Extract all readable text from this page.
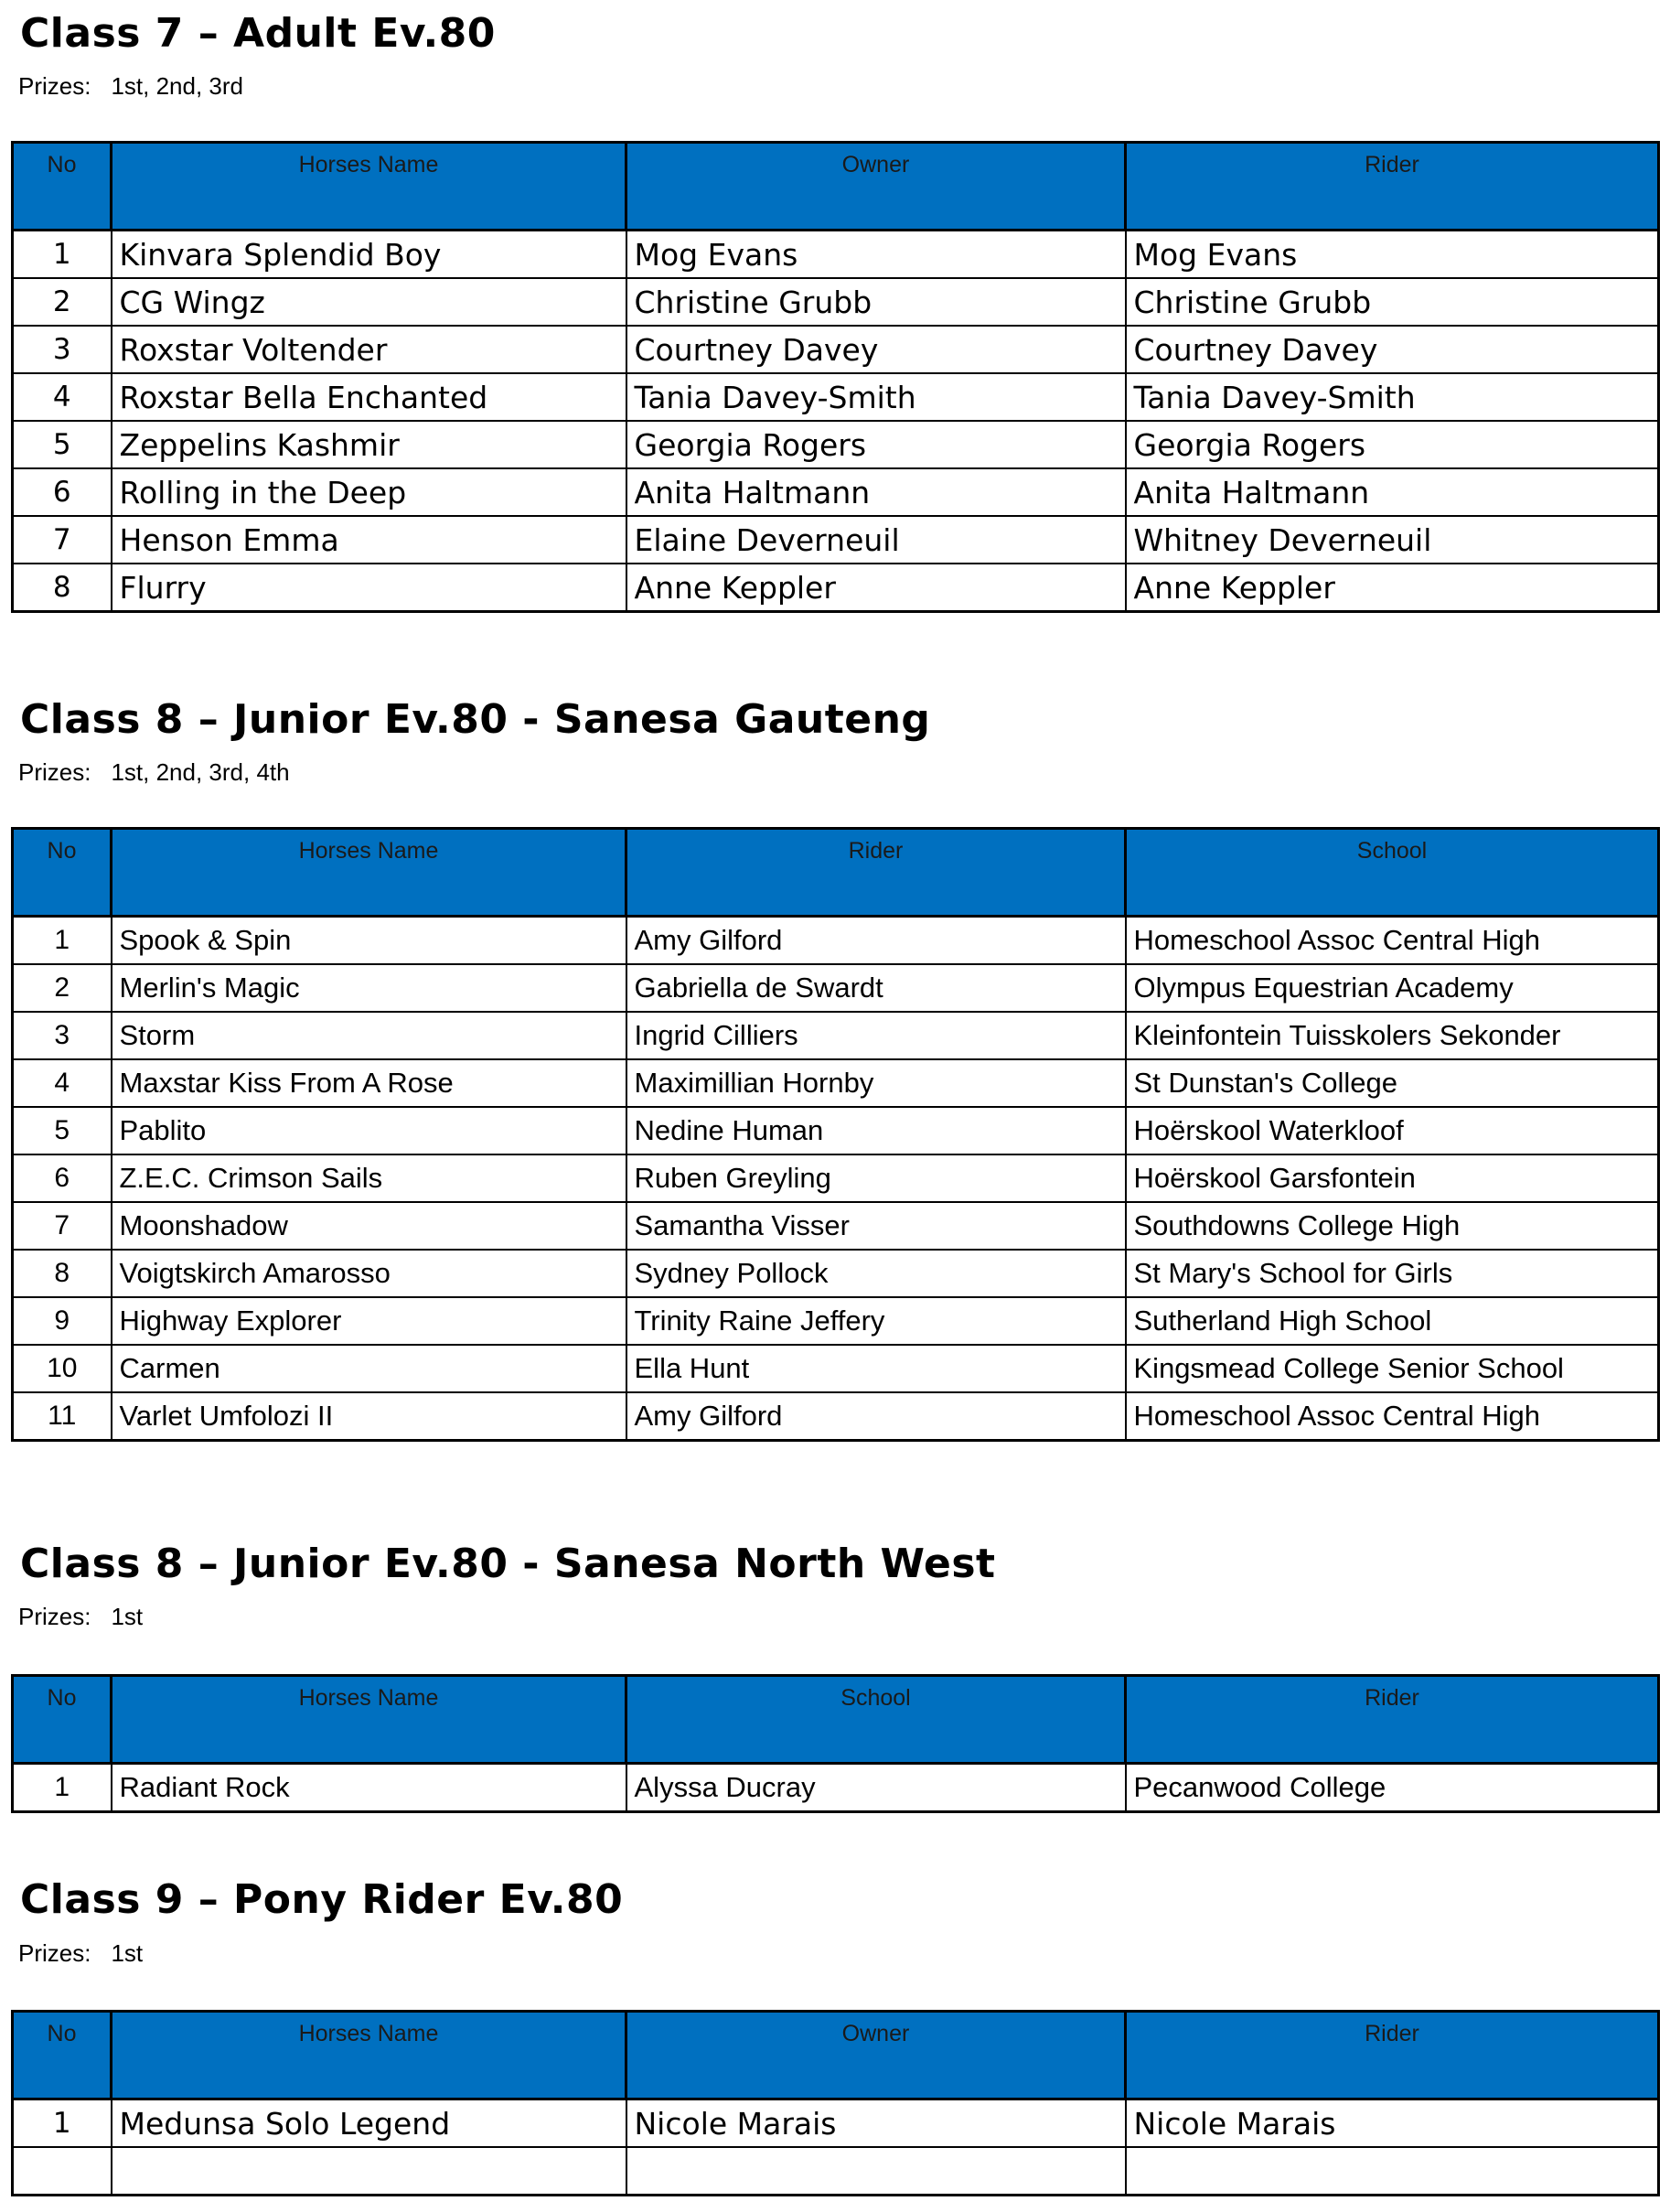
Class 7 – Adult Ev.80
Prizes: 1st, 2nd, 3rd
No	Horses Name	Owner	Rider
1	Kinvara Splendid Boy	Mog Evans	Mog Evans
2	CG Wingz	Christine Grubb	Christine Grubb
3	Roxstar Voltender	Courtney Davey	Courtney Davey
4	Roxstar Bella Enchanted	Tania Davey-Smith	Tania Davey-Smith
5	Zeppelins Kashmir	Georgia Rogers	Georgia Rogers
6	Rolling in the Deep	Anita Haltmann	Anita Haltmann
7	Henson Emma	Elaine Deverneuil	Whitney Deverneuil
8	Flurry	Anne Keppler	Anne Keppler
Class 8 – Junior Ev.80 - Sanesa Gauteng
Prizes: 1st, 2nd, 3rd, 4th
No	Horses Name	Rider	School
1	Spook & Spin	Amy Gilford	Homeschool Assoc Central High
2	Merlin's Magic	Gabriella de Swardt	Olympus Equestrian Academy
3	Storm	Ingrid Cilliers	Kleinfontein Tuisskolers Sekonder
4	Maxstar Kiss From A Rose	Maximillian Hornby	St Dunstan's College
5	Pablito	Nedine Human	Hoërskool Waterkloof
6	Z.E.C. Crimson Sails	Ruben Greyling	Hoërskool Garsfontein
7	Moonshadow	Samantha Visser	Southdowns College High
8	Voigtskirch Amarosso	Sydney Pollock	St Mary's School for Girls
9	Highway Explorer	Trinity Raine Jeffery	Sutherland High School
10	Carmen	Ella Hunt	Kingsmead College Senior School
11	Varlet Umfolozi II	Amy Gilford	Homeschool Assoc Central High
Class 8 – Junior Ev.80 - Sanesa North West
Prizes: 1st
No	Horses Name	School	Rider
1	Radiant Rock	Alyssa Ducray	Pecanwood College
Class 9 – Pony Rider Ev.80
Prizes: 1st
No	Horses Name	Owner	Rider
1	Medunsa Solo Legend	Nicole Marais	Nicole Marais
